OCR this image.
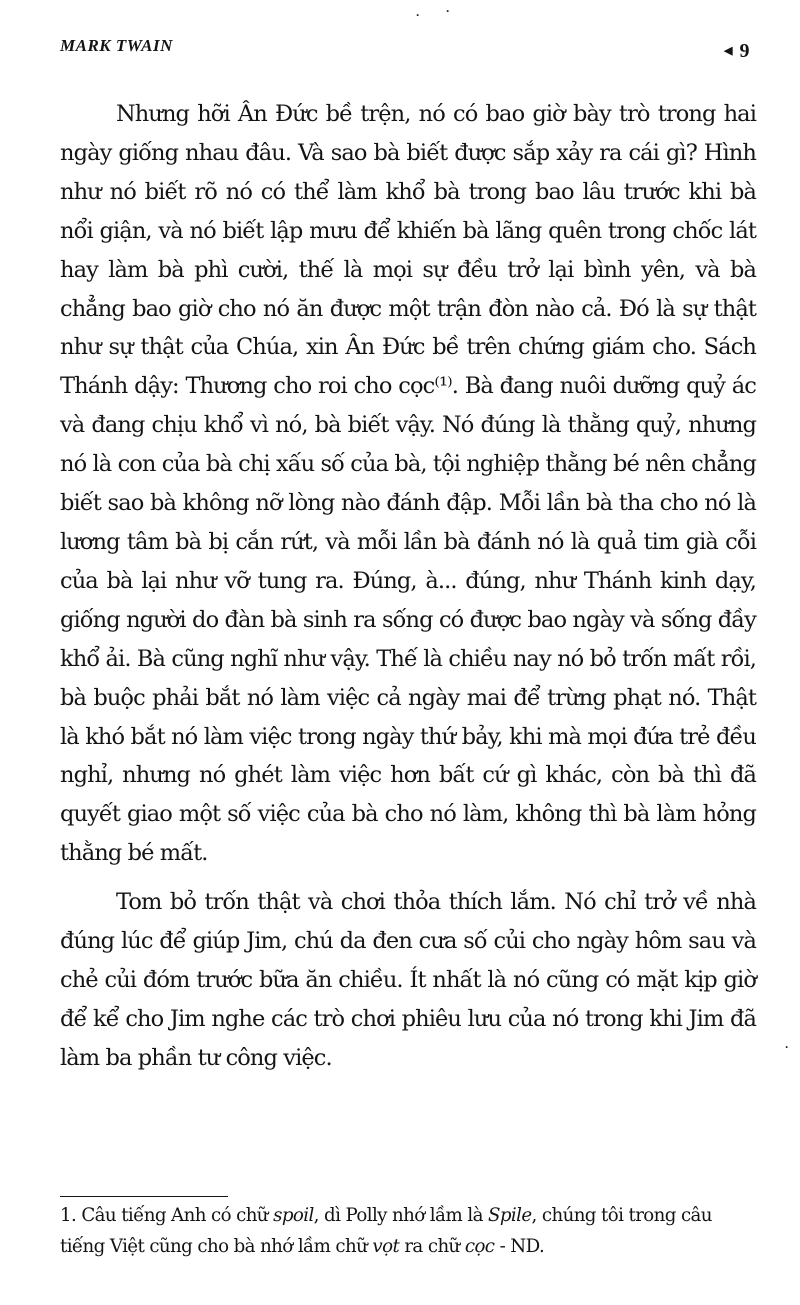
MARK TWAIN	◀ 9

Nhưng hỡi Ân Đức bề trện, nó có bao giờ bày trò trong hai ngày giống nhau đâu. Và sao bà biết được sắp xảy ra cái gì? Hình như nó biết rõ nó có thể làm khổ bà trong bao lâu trước khi bà nổi giận, và nó biết lập mưu để khiến bà lãng quên trong chốc lát hay làm bà phì cười, thế là mọi sự đều trở lại bình yên, và bà chẳng bao giờ cho nó ăn được một trận đòn nào cả. Đó là sự thật như sự thật của Chúa, xin Ân Đức bề trên chứng giám cho. Sách Thánh dậy: Thương cho roi cho cọc⁽¹⁾. Bà đang nuôi dưỡng quỷ ác và đang chịu khổ vì nó, bà biết vậy. Nó đúng là thằng quỷ, nhưng nó là con của bà chị xấu số của bà, tội nghiệp thằng bé nên chẳng biết sao bà không nỡ lòng nào đánh đập. Mỗi lần bà tha cho nó là lương tâm bà bị cắn rứt, và mỗi lần bà đánh nó là quả tim già cỗi của bà lại như vỡ tung ra. Đúng, à... đúng, như Thánh kinh dạy, giống người do đàn bà sinh ra sống có được bao ngày và sống đầy khổ ải. Bà cũng nghĩ như vậy. Thế là chiều nay nó bỏ trốn mất rồi, bà buộc phải bắt nó làm việc cả ngày mai để trừng phạt nó. Thật là khó bắt nó làm việc trong ngày thứ bảy, khi mà mọi đứa trẻ đều nghỉ, nhưng nó ghét làm việc hơn bất cứ gì khác, còn bà thì đã quyết giao một số việc của bà cho nó làm, không thì bà làm hỏng thằng bé mất.

Tom bỏ trốn thật và chơi thỏa thích lắm. Nó chỉ trở về nhà đúng lúc để giúp Jim, chú da đen cưa số củi cho ngày hôm sau và chẻ củi đóm trước bữa ăn chiều. Ít nhất là nó cũng có mặt kịp giờ để kể cho Jim nghe các trò chơi phiêu lưu của nó trong khi Jim đã làm ba phần tư công việc.

1. Câu tiếng Anh có chữ spoil, dì Polly nhớ lầm là Spile, chúng tôi trong câu tiếng Việt cũng cho bà nhớ lầm chữ vọt ra chữ cọc - ND.

· ·
·
